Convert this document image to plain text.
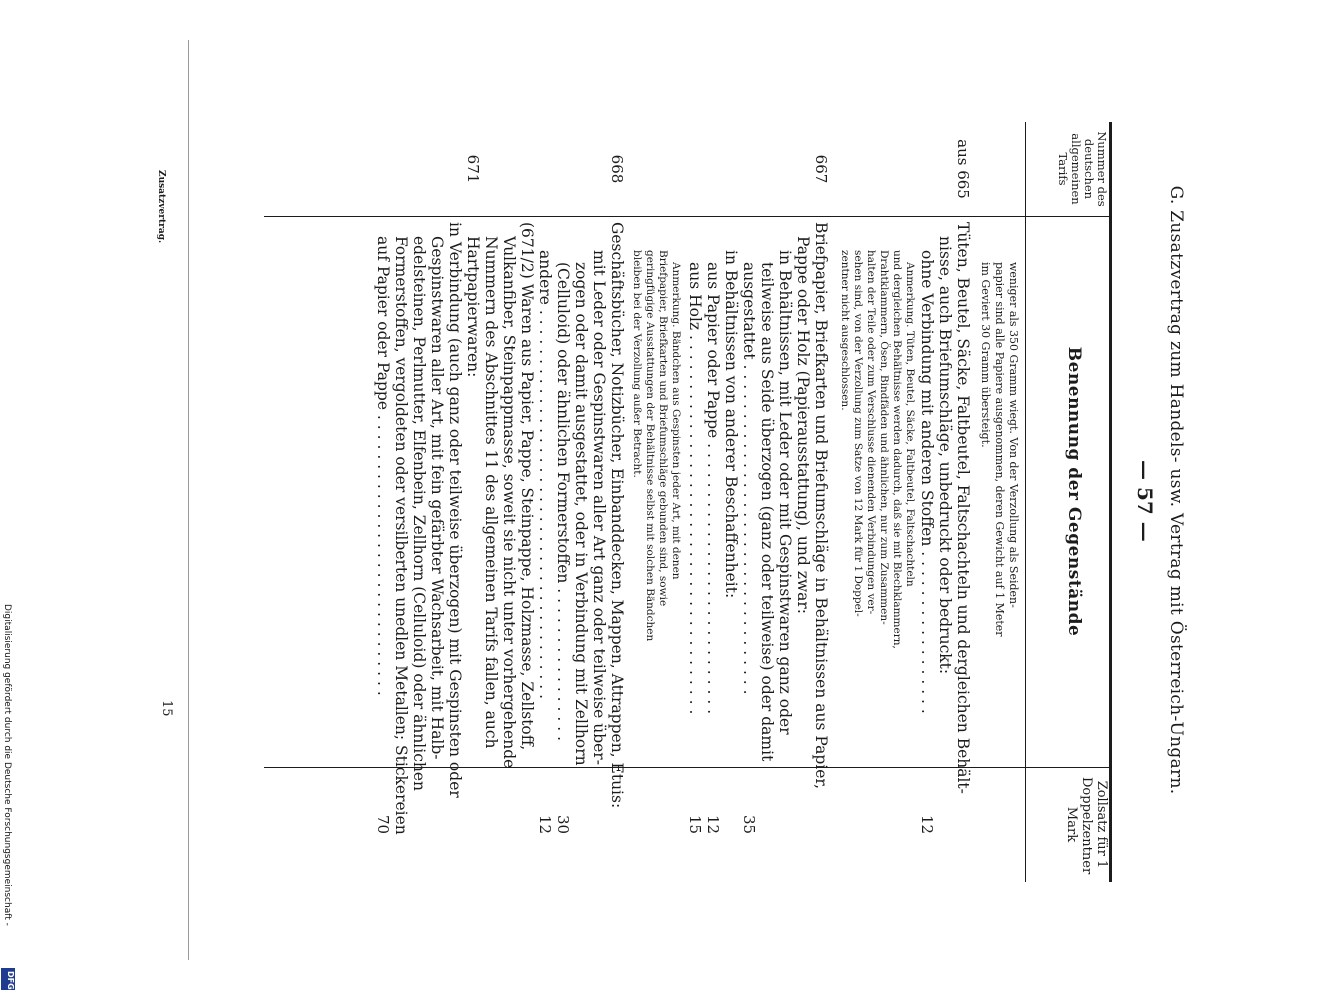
G. Zusatzvertrag zum Handels- usw. Vertrag mit Österreich-Ungarn.
— 57 —
Nummer des deutschen allgemeinen Tarifs
Benennung der Gegenstände
Zollsatz für 1 Doppelzentner Mark
weniger als 350 Gramm wiegt. Von der Verzollung als Seiden-
papier sind alle Papiere ausgenommen, deren Gewicht auf 1 Meter
im Geviert 30 Gramm übersteigt.
aus 665
Tüten, Beutel, Säcke, Faltbeutel, Faltschachteln und dergleichen Behält-
nisse, auch Briefumschläge, unbedruckt oder bedruckt:
ohne Verbindung mit anderen Stoffen . . . . . . . . . . . . . . . . .
12
Anmerkung. Tüten, Beutel, Säcke, Faltbeutel, Faltschachteln
und dergleichen Behältnisse werden dadurch, daß sie mit Blechklammern,
Drahtklammern, Ösen, Bindfäden und ähnlichen, nur zum Zusammen-
halten der Teile oder zum Verschlusse dienenden Verbindungen ver-
sehen sind, von der Verzollung zum Satze von 12 Mark für 1 Doppel-
zentner nicht ausgeschlossen.
667
Briefpapier, Briefkarten und Briefumschläge in Behältnissen aus Papier,
Pappe oder Holz (Papierausstattung), und zwar:
in Behältnissen, mit Leder oder mit Gespinstwaren ganz oder
teilweise aus Seide überzogen (ganz oder teilweise) oder damit
ausgestattet . . . . . . . . . . . . . . . . . . . . . . . . . . . . . . . . . .
35
in Behältnissen von anderer Beschaffenheit:
aus Papier oder Pappe . . . . . . . . . . . . . . . . . . . . . . . . . . . .
12
aus Holz . . . . . . . . . . . . . . . . . . . . . . . . . . . . . . . . . . . . . . .
15
Anmerkung. Bändchen aus Gespinsten jeder Art, mit denen
Briefpapier, Briefkarten und Briefumschläge gebunden sind, sowie
geringfügige Ausstattungen der Behältnisse selbst mit solchen Bändchen
bleiben bei der Verzollung außer Betracht.
668
Geschäftsbücher, Notizbücher, Einbanddecken, Mappen, Attrappen, Etuis:
mit Leder oder Gespinstwaren aller Art ganz oder teilweise über-
zogen oder damit ausgestattet, oder in Verbindung mit Zellhorn
(Celluloid) oder ähnlichen Formerstoffen . . . . . . . . . . . . . . . .
30
andere . . . . . . . . . . . . . . . . . . . . . . . . . . . . . . . . . . . . . . . .
12
671
(671/2) Waren aus Papier, Pappe, Steinpappe, Holzmasse, Zellstoff,
Vulkanfiber, Steinpappmasse, soweit sie nicht unter vorhergehende
Nummern des Abschnittes 11 des allgemeinen Tarifs fallen, auch
Hartpapierwaren:
in Verbindung (auch ganz oder teilweise überzogen) mit Gespinsten oder
Gespinstwaren aller Art, mit fein gefärbter Wachsarbeit, mit Halb-
edelsteinen, Perlmutter, Elfenbein, Zellhorn (Celluloid) oder ähnlichen
Formerstoffen, vergoldeten oder versilberten unedlen Metallen; Stickereien
auf Papier oder Pappe . . . . . . . . . . . . . . . . . . . . . . . . . . . . .
70
Zusatzvertrag.
15
Digitalisierung gefördert durch die Deutsche Forschungsgemeinschaft -
DFG
